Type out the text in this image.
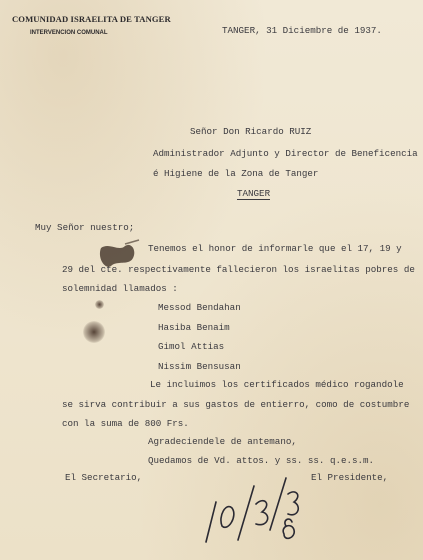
COMUNIDAD ISRAELITA DE TANGER
INTERVENCION COMUNAL	TANGER, 31 Diciembre de 1937.
Señor Don Ricardo RUIZ
Administrador Adjunto y Director de Beneficencia
é Higiene de la Zona de Tanger
TANGER
Muy Señor nuestro;
Tenemos el honor de informarle que el 17, 19 y
29 del cte. respectivamente fallecieron los israelitas pobres de
solemnidad llamados :
Messod Bendahan
Hasiba Benaim
Gimol Attias
Nissim Bensusan
Le incluimos los certificados médico rogandole
se sirva contribuir a sus gastos de entierro, como de costumbre
con la suma de 800 Frs.
Agradeciendele de antemano,
Quedamos de Vd. attos. y ss. ss. q.e.s.m.
El Secretario,	El Presidente,
